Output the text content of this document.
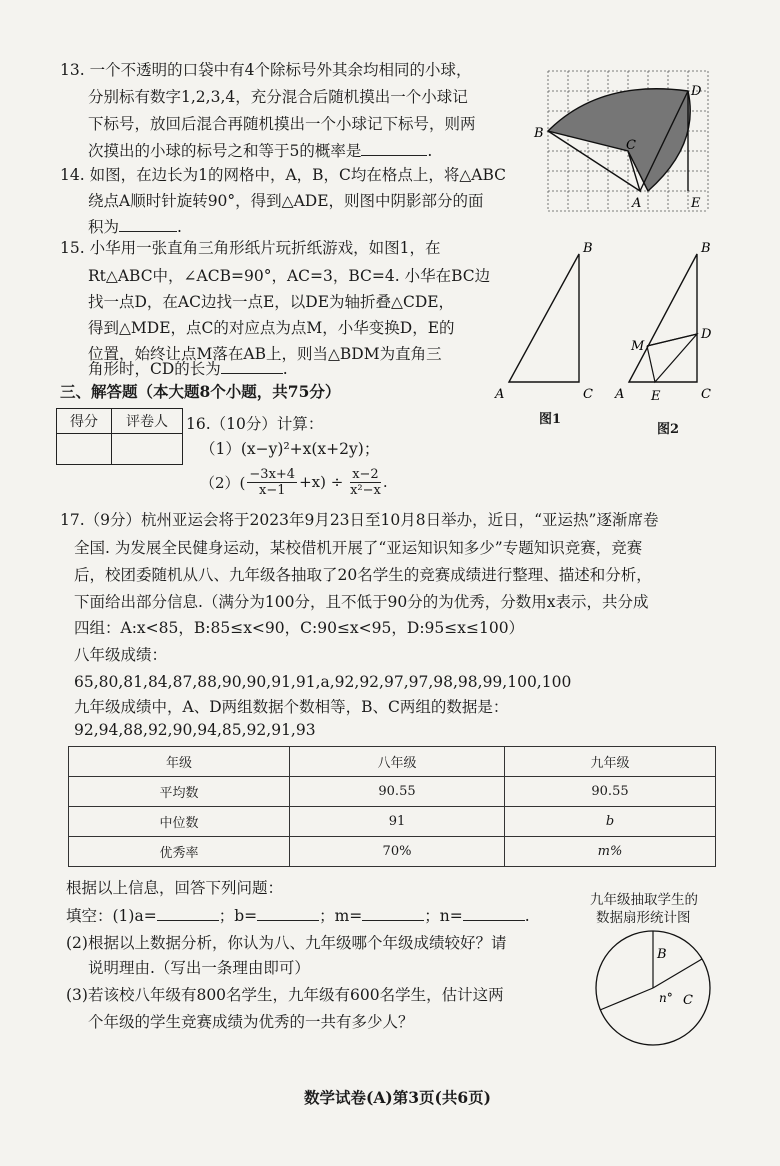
13. 一个不透明的口袋中有4个除标号外其余均相同的小球，
分别标有数字1,2,3,4，充分混合后随机摸出一个小球记
下标号，放回后混合再随机摸出一个小球记下标号，则两
次摸出的小球的标号之和等于5的概率是	.
14. 如图，在边长为1的网格中，A，B，C均在格点上，将△ABC
绕点A顺时针旋转90°，得到△ADE，则图中阴影部分的面
积为	.
A
B
C
D
E
15. 小华用一张直角三角形纸片玩折纸游戏，如图1，在
Rt△ABC中，∠ACB=90°，AC=3，BC=4. 小华在BC边
找一点D，在AC边找一点E，以DE为轴折叠△CDE，
得到△MDE，点C的对应点为点M，小华变换D，E的
位置，始终让点M落在AB上，则当△BDM为直角三
角形时，CD的长为	.
A
B
C
图1
A
B
C
D
E
M
图2
三、解答题（本大题8个小题，共75分）
得分	评卷人
	16.（10分）计算：
（1）(x−y)²+x(x+2y)；
$(2)( \frac{-3x+4}{x-1} +x) \div \frac{x-2}{\text{x²−x}}$ .
17.（9分）杭州亚运会将于2023年9月23日至10月8日举办，近日，“亚运热”逐渐席卷
全国. 为发展全民健身运动，某校借机开展了“亚运知识知多少”专题知识竞赛，竞赛
后，校团委随机从八、九年级各抽取了20名学生的竞赛成绩进行整理、描述和分析，
下面给出部分信息.（满分为100分，且不低于90分的为优秀，分数用x表示，共分成
四组：A:x<85，B:85≤x<90，C:90≤x<95，D:95≤x≤100）
八年级成绩：
65,80,81,84,87,88,90,90,91,91,a,92,92,97,97,98,98,99,100,100
九年级成绩中，A、D两组数据个数相等，B、C两组的数据是：
92,94,88,92,90,94,85,92,91,93
年级	八年级	九年级
平均数	90.55	90.55
中位数	91	b
优秀率	70%	m%
根据以上信息，回答下列问题：
填空：(1)a=	；b=	；m=	；n=	.
(2)根据以上数据分析，你认为八、九年级哪个年级成绩较好？请
说明理由.（写出一条理由即可）
(3)若该校八年级有800名学生，九年级有600名学生，估计这两
个年级的学生竞赛成绩为优秀的一共有多少人？
九年级抽取学生的
数据扇形统计图
B
n° C
数学试卷(A)第3页(共6页)
